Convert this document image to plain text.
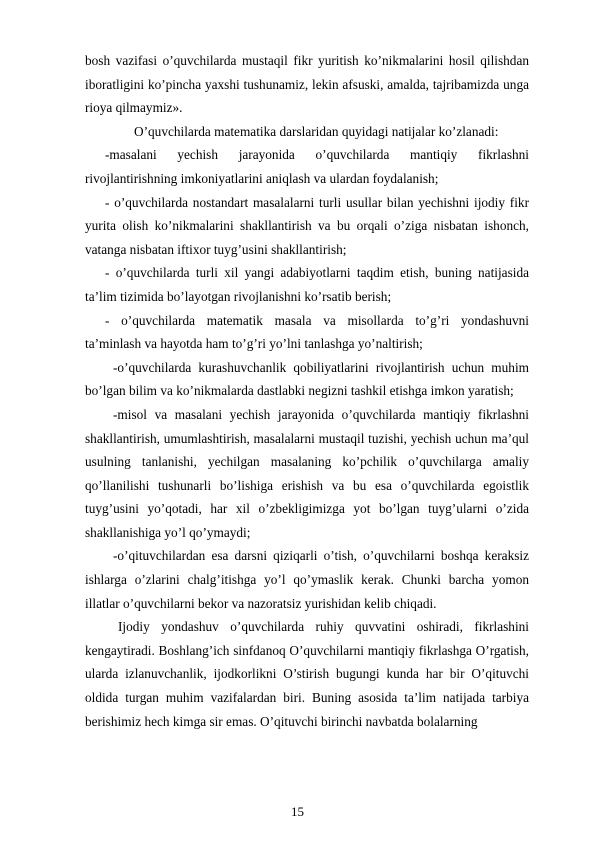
bosh vazifasi o’quvchilarda mustaqil fikr yuritish ko’nikmalarini hosil qilishdan iboratligini ko’pincha yaxshi tushunamiz, lekin afsuski, amalda, tajribamizda unga rioya qilmaymiz».

O’quvchilarda matematika darslaridan quyidagi natijalar ko’zlanadi:

-masalani yechish jarayonida o’quvchilarda mantiqiy fikrlashni rivojlantirishning imkoniyatlarini aniqlash va ulardan foydalanish;

- o’quvchilarda nostandart masalalarni turli usullar bilan yechishni ijodiy fikr yurita olish ko’nikmalarini shakllantirish va bu orqali o’ziga nisbatan ishonch, vatanga nisbatan iftixor tuyg’usini shakllantirish;

- o’quvchilarda turli xil yangi adabiyotlarni taqdim etish, buning natijasida ta’lim tizimida bo’layotgan rivojlanishni ko’rsatib berish;

- o’quvchilarda matematik masala va misollarda to’g’ri yondashuvni ta’minlash va hayotda ham to’g’ri yo’lni tanlashga yo’naltirish;

-o’quvchilarda kurashuvchanlik qobiliyatlarini rivojlantirish uchun muhim bo’lgan bilim va ko’nikmalarda dastlabki negizni tashkil etishga imkon yaratish;

-misol va masalani yechish jarayonida o’quvchilarda mantiqiy fikrlashni shakllantirish, umumlashtirish, masalalarni mustaqil tuzishi, yechish uchun ma’qul usulning tanlanishi, yechilgan masalaning ko’pchilik o’quvchilarga amaliy qo’llanilishi tushunarli bo’lishiga erishish va bu esa o’quvchilarda egoistlik tuyg’usini yo’qotadi, har xil o’zbekligimizga yot bo’lgan tuyg’ularni o’zida shakllanishiga yo’l qo’ymaydi;

-o’qituvchilardan esa darsni qiziqarli o’tish, o’quvchilarni boshqa keraksiz ishlarga o’zlarini chalg’itishga yo’l qo’ymaslik kerak. Chunki barcha yomon illatlar o’quvchilarni bekor va nazoratsiz yurishidan kelib chiqadi.

Ijodiy yondashuv o’quvchilarda ruhiy quvvatini oshiradi, fikrlashini kengaytiradi. Boshlang’ich sinfdanoq O’quvchilarni mantiqiy fikrlashga O’rgatish, ularda izlanuvchanlik, ijodkorlikni O’stirish bugungi kunda har bir O’qituvchi oldida turgan muhim vazifalardan biri. Buning asosida ta’lim natijada tarbiya berishimiz hech kimga sir emas. O’qituvchi birinchi navbatda bolalarning

15
